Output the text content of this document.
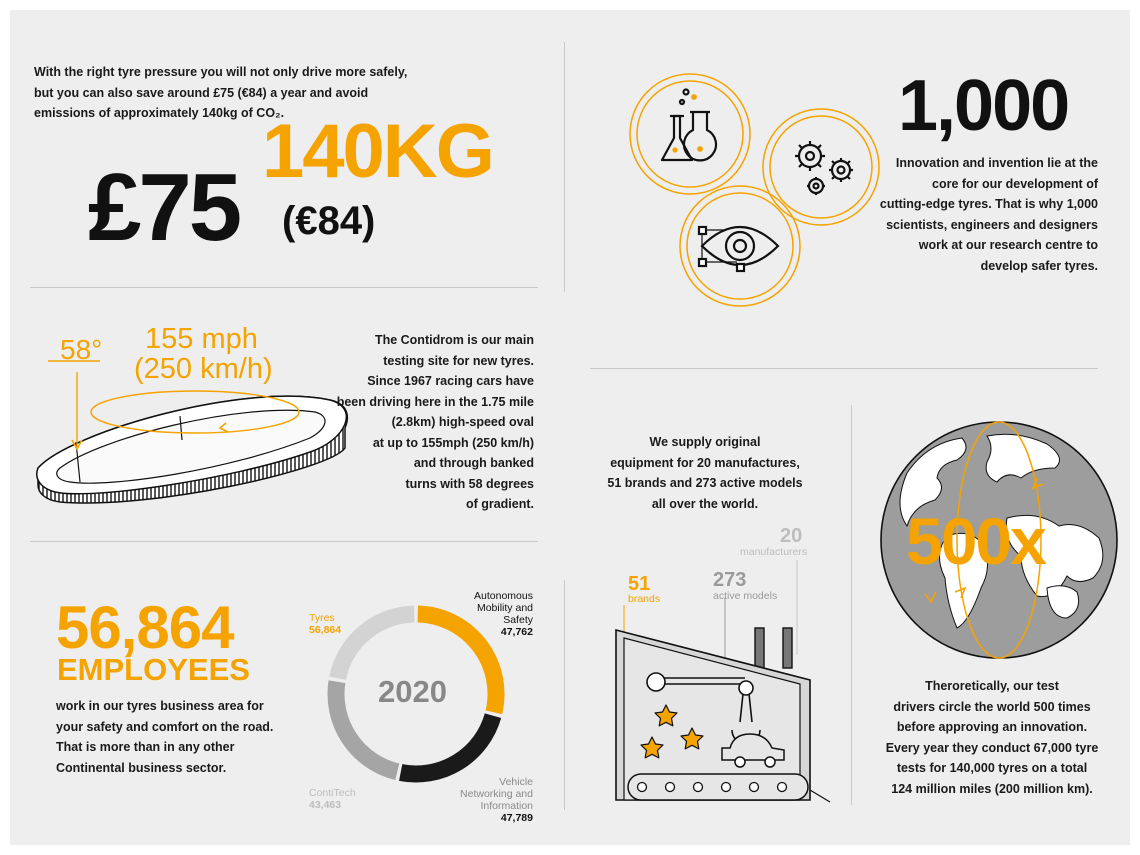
With the right tyre pressure you will not only drive more safely,
but you can also save around £75 (€84) a year and avoid
emissions of approximately 140kg of CO₂.
£75
140KG
(€84)
1,000
Innovation and invention lie at the
core for our development of
cutting-edge tyres. That is why 1,000
scientists, engineers and designers
work at our research centre to
develop safer tyres.
58° 155 mph
(250 km/h)
The Contidrom is our main
testing site for new tyres.
Since 1967 racing cars have
been driving here in the 1.75 mile
(2.8km) high-speed oval
at up to 155mph (250 km/h)
and through banked
turns with 58 degrees
of gradient.
We supply original
equipment for 20 manufactures,
51 brands and 273 active models
all over the world.
20
manufacturers
273
active models
51
brands
500x
Theroretically, our test
drivers circle the world 500 times
before approving an innovation.
Every year they conduct 67,000 tyre
tests for 140,000 tyres on a total
124 million miles (200 million km).
56,864
EMPLOYEES
work in our tyres business area for
your safety and comfort on the road.
That is more than in any other
Continental business sector.
2020
Tyres
56,864
Autonomous
Mobility and
Safety
47,762
Vehicle
Networking and
Information
47,789
ContiTech
43,463
